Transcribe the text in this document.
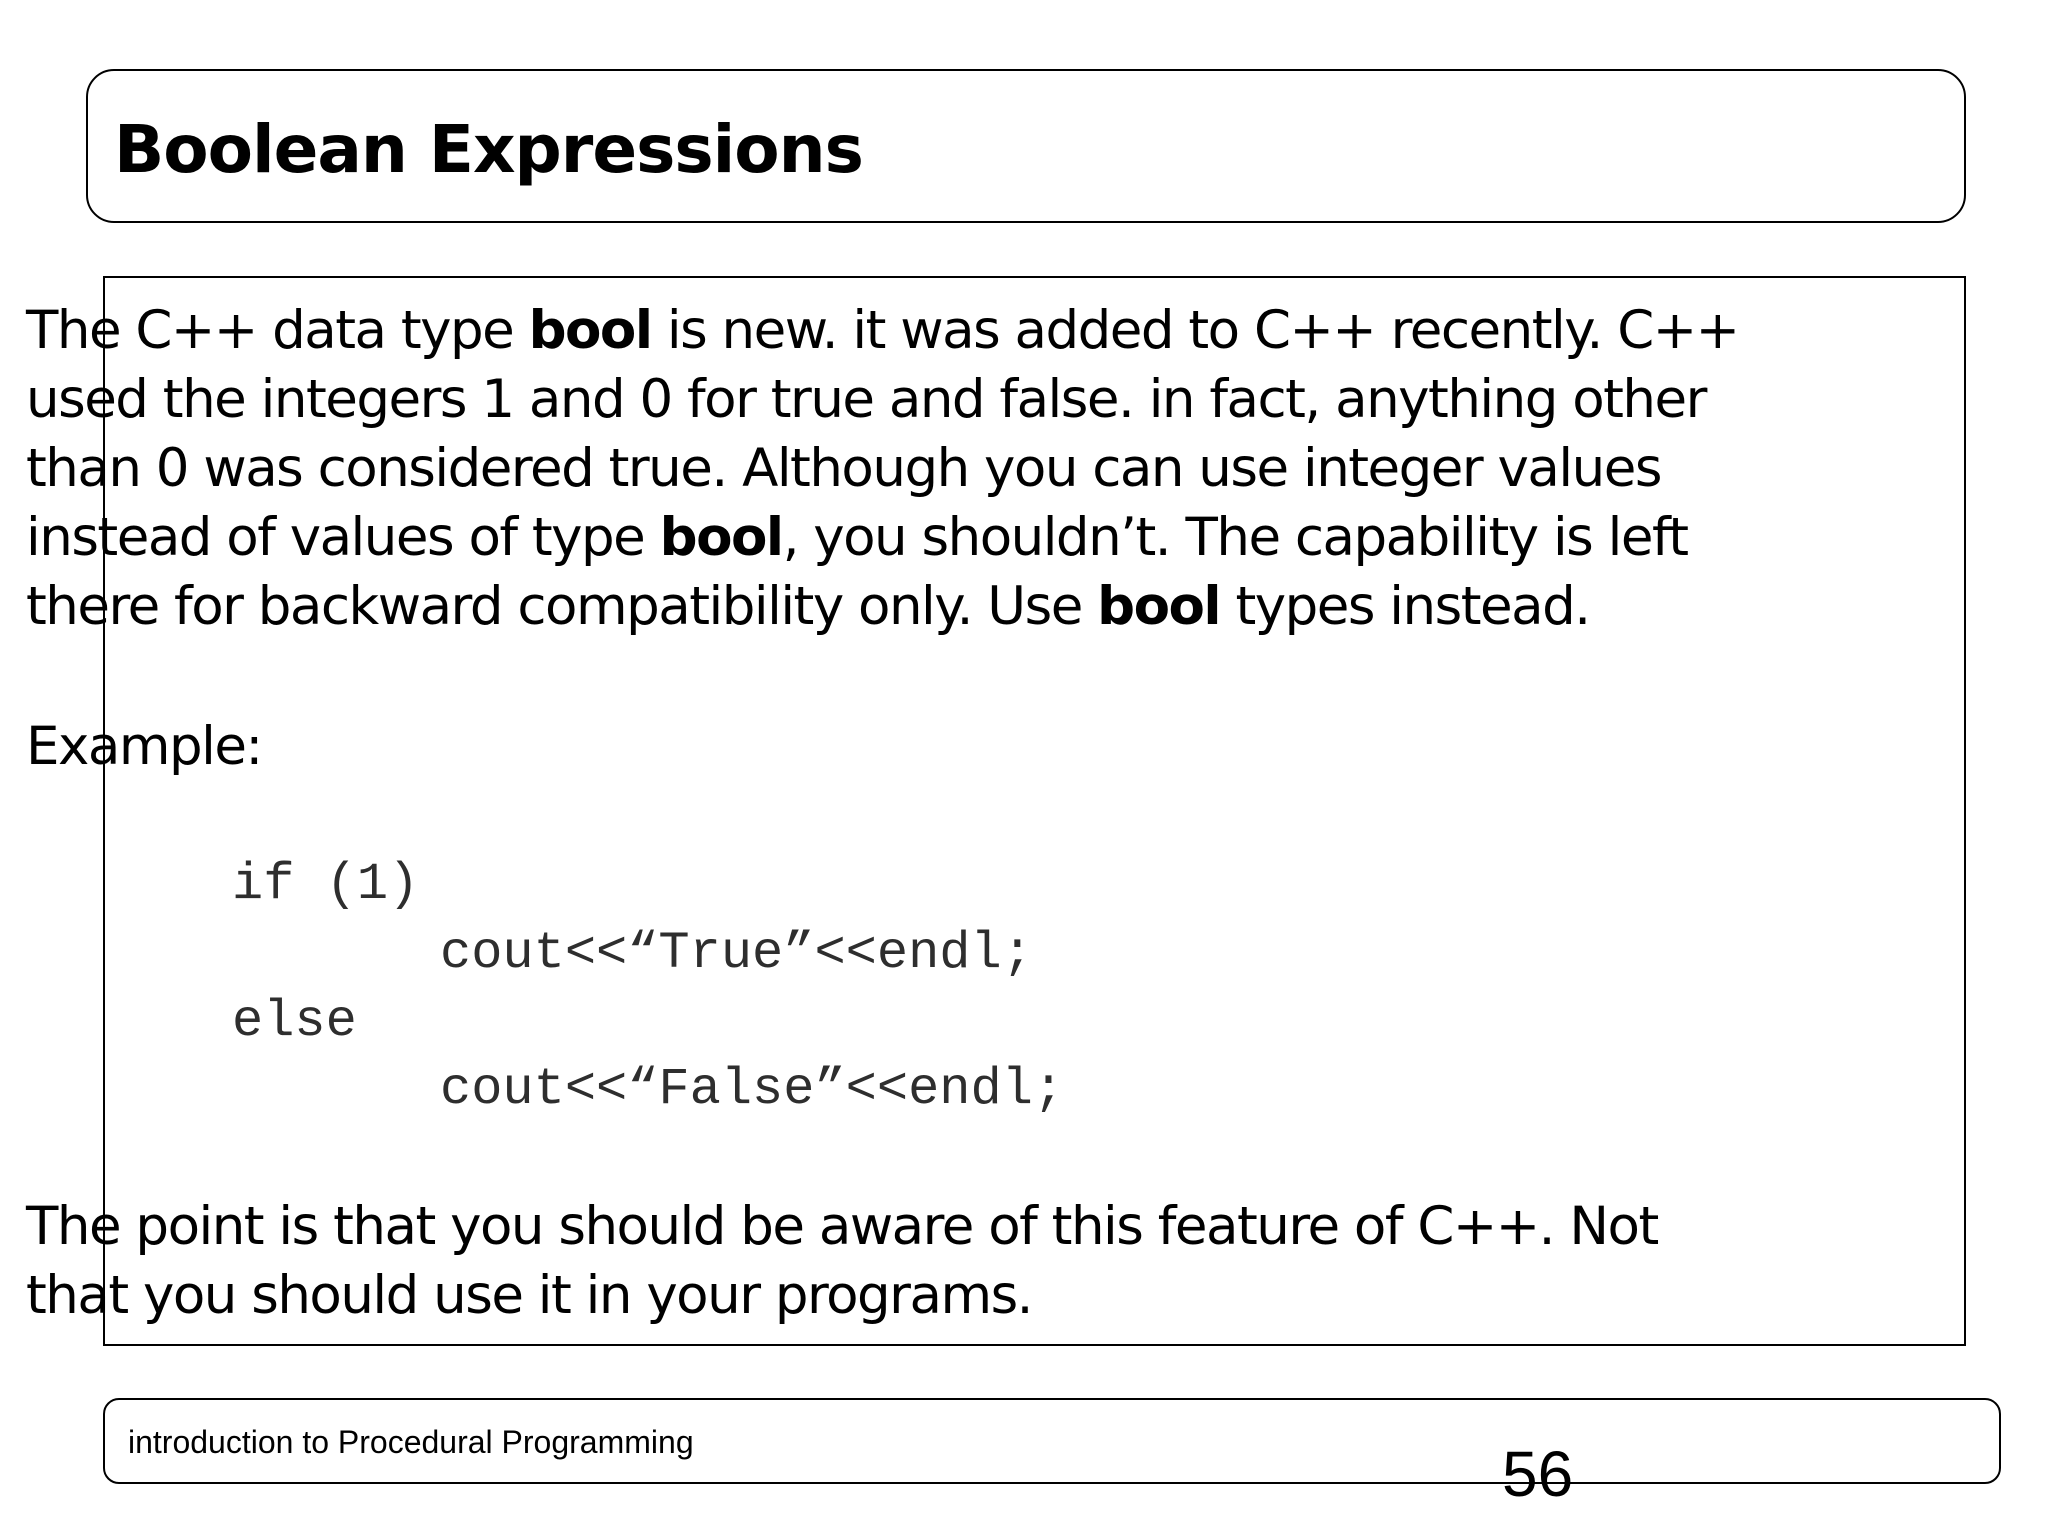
Boolean Expressions
The C++ data type bool is new. it was added to C++ recently. C++
used the integers 1 and 0 for true and false. in fact, anything other
than 0 was considered true. Although you can use integer values
instead of values of type bool, you shouldn’t. The capability is left
there for backward compatibility only. Use bool types instead.
Example:
if (1)
cout<<“True”<<endl;
else
cout<<“False”<<endl;
The point is that you should be aware of this feature of C++. Not
that you should use it in your programs.
introduction to Procedural Programming	56
